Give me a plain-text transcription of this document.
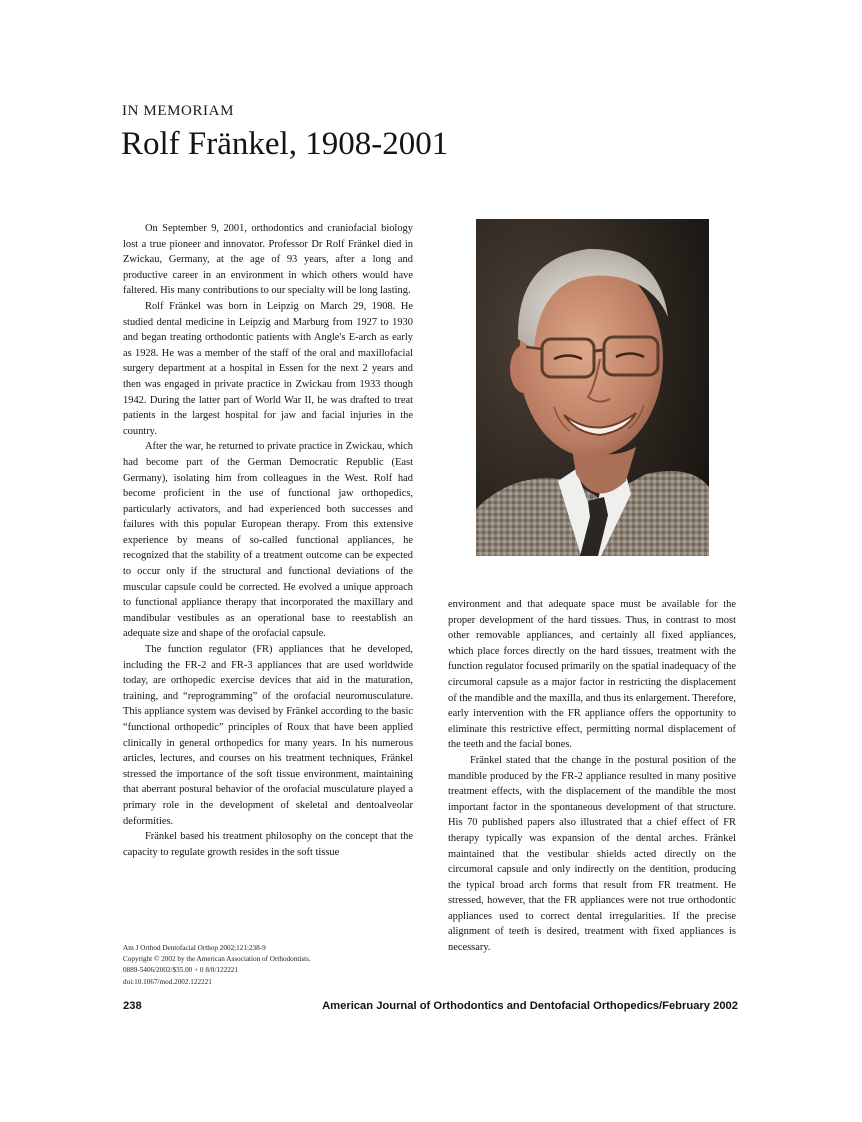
IN MEMORIAM
Rolf Fränkel, 1908-2001

On September 9, 2001, orthodontics and craniofacial biology lost a true pioneer and innovator. Professor Dr Rolf Fränkel died in Zwickau, Germany, at the age of 93 years, after a long and productive career in an environment in which others would have faltered. His many contributions to our specialty will be long lasting.

Rolf Fränkel was born in Leipzig on March 29, 1908. He studied dental medicine in Leipzig and Marburg from 1927 to 1930 and began treating orthodontic patients with Angle's E-arch as early as 1928. He was a member of the staff of the oral and maxillofacial surgery department at a hospital in Essen for the next 2 years and then was engaged in private practice in Zwickau from 1933 though 1942. During the latter part of World War II, he was drafted to treat patients in the largest hospital for jaw and facial injuries in the country.

After the war, he returned to private practice in Zwickau, which had become part of the German Democratic Republic (East Germany), isolating him from colleagues in the West. Rolf had become proficient in the use of functional jaw orthopedics, particularly activators, and had experienced both successes and failures with this popular European therapy. From this extensive experience by means of so-called functional appliances, he recognized that the stability of a treatment outcome can be expected to occur only if the structural and functional deviations of the muscular capsule could be corrected. He evolved a unique approach to functional appliance therapy that incorporated the maxillary and mandibular vestibules as an operational base to reestablish an adequate size and shape of the orofacial capsule.

The function regulator (FR) appliances that he developed, including the FR-2 and FR-3 appliances that are used worldwide today, are orthopedic exercise devices that aid in the maturation, training, and “reprogramming” of the orofacial neuromusculature. This appliance system was devised by Fränkel according to the basic “functional orthopedic” principles of Roux that have been applied clinically in general orthopedics for many years. In his numerous articles, lectures, and courses on his treatment techniques, Fränkel stressed the importance of the soft tissue environment, maintaining that aberrant postural behavior of the orofacial musculature played a primary role in the development of skeletal and dentoalveolar deformities.

Fränkel based his treatment philosophy on the concept that the capacity to regulate growth resides in the soft tissue

environment and that adequate space must be available for the proper development of the hard tissues. Thus, in contrast to most other removable appliances, and certainly all fixed appliances, which place forces directly on the hard tissues, treatment with the function regulator focused primarily on the spatial inadequacy of the circumoral capsule as a major factor in restricting the displacement of the mandible and the maxilla, and thus its enlargement. Therefore, early intervention with the FR appliance offers the opportunity to eliminate this restrictive effect, permitting normal displacement of the teeth and the facial bones.

Fränkel stated that the change in the postural position of the mandible produced by the FR-2 appliance resulted in many positive treatment effects, with the displacement of the mandible the most important factor in the spontaneous development of that structure. His 70 published papers also illustrated that a chief effect of FR therapy typically was expansion of the dental arches. Fränkel maintained that the vestibular shields acted directly on the circumoral capsule and only indirectly on the dentition, producing the typical broad arch forms that result from FR treatment. He stressed, however, that the FR appliances were not true orthodontic appliances used to correct dental irregularities. If the precise alignment of teeth is desired, treatment with fixed appliances is necessary.

Am J Orthod Dentofacial Orthop 2002;121:238-9
Copyright © 2002 by the American Association of Orthodontists.
0889-5406/2002/$35.00 + 0 8/8/122221
doi:10.1067/mod.2002.122221
238	American Journal of Orthodontics and Dentofacial Orthopedics/February 2002
